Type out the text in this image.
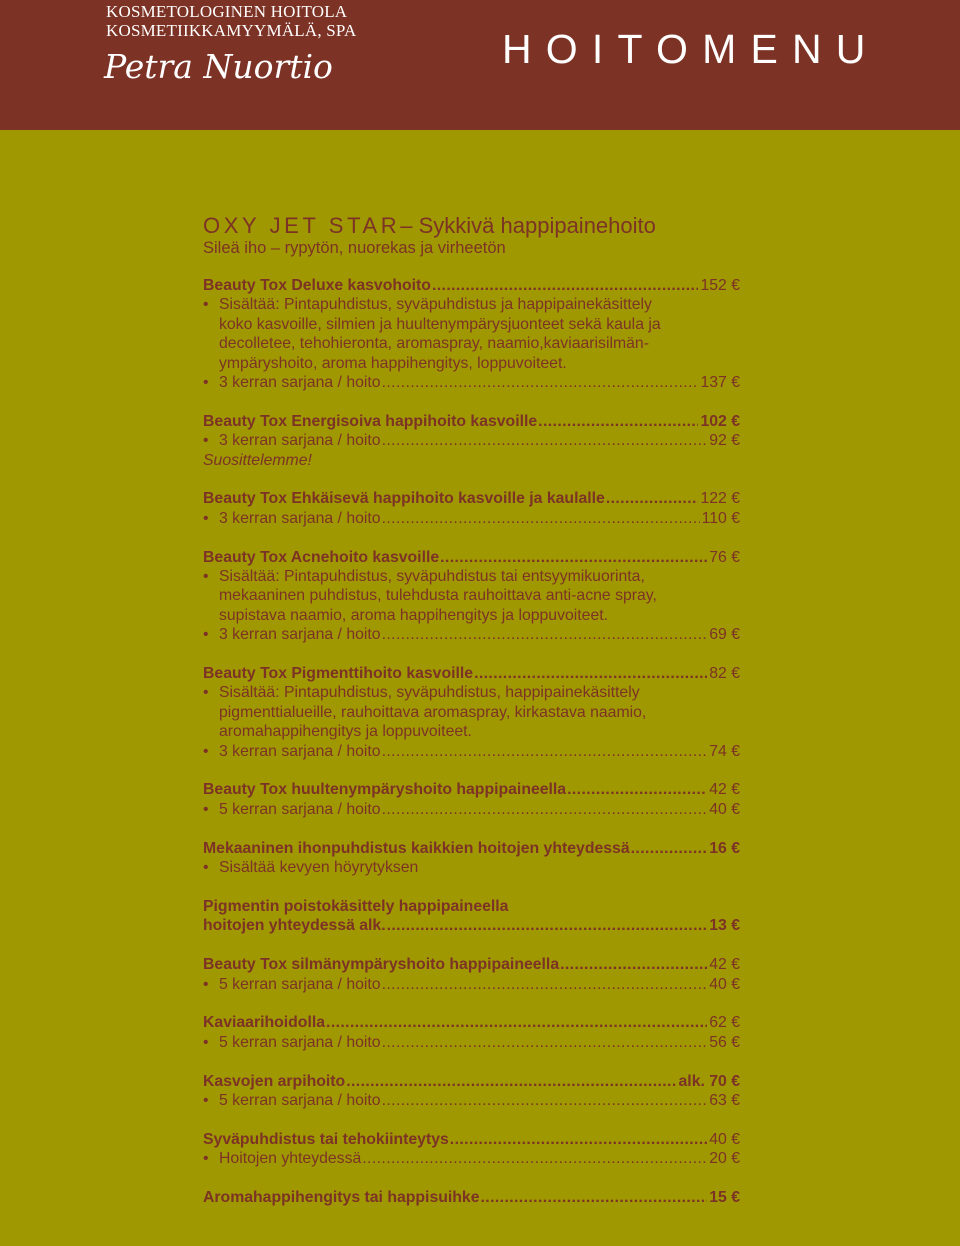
KOSMETOLOGINEN HOITOLA
KOSMETIIKKAMYYMÄLÄ, SPA
Petra Nuortio	HOITOMENU
OXY JET STAR– Sykkivä happipainehoito
Sileä iho – rypytön, nuorekas ja virheetön
Beauty Tox Deluxe kasvohoito .....	152 €
• Sisältää: Pintapuhdistus, syväpuhdistus ja happipainekäsittely
koko kasvoille, silmien ja huultenympärysjuonteet sekä kaula ja
decolletee, tehohieronta, aromaspray, naamio,kaviaarisilmän-
ympäryshoito, aroma happihengitys, loppuvoiteet.
• 3 kerran sarjana / hoito .....	137 €
Beauty Tox Energisoiva happihoito kasvoille .....	102 €
• 3 kerran sarjana / hoito .....	92 €
Suosittelemme!
Beauty Tox Ehkäisevä happihoito kasvoille ja kaulalle .....	122 €
• 3 kerran sarjana / hoito .....	110 €
Beauty Tox Acnehoito kasvoille .....	76 €
• Sisältää: Pintapuhdistus, syväpuhdistus tai entsyymikuorinta,
mekaaninen puhdistus, tulehdusta rauhoittava anti-acne spray,
supistava naamio, aroma happihengitys ja loppuvoiteet.
• 3 kerran sarjana / hoito .....	69 €
Beauty Tox Pigmenttihoito kasvoille .....	82 €
• Sisältää: Pintapuhdistus, syväpuhdistus, happipainekäsittely
pigmenttialueille, rauhoittava aromaspray, kirkastava naamio,
aromahappihengitys ja loppuvoiteet.
• 3 kerran sarjana / hoito .....	74 €
Beauty Tox huultenympäryshoito happipaineella .....	42 €
• 5 kerran sarjana / hoito .....	40 €
Mekaaninen ihonpuhdistus kaikkien hoitojen yhteydessä .....	16 €
• Sisältää kevyen höyrytyksen
Pigmentin poistokäsittely happipaineella
hoitojen yhteydessä alk. .....	13 €
Beauty Tox silmänympäryshoito happipaineella .....	42 €
• 5 kerran sarjana / hoito .....	40 €
Kaviaarihoidolla .....	62 €
• 5 kerran sarjana / hoito .....	56 €
Kasvojen arpihoito .....	alk. 70 €
• 5 kerran sarjana / hoito .....	63 €
Syväpuhdistus tai tehokiinteytys .....	40 €
• Hoitojen yhteydessä .....	20 €
Aromahappihengitys tai happisuihke .....	15 €
